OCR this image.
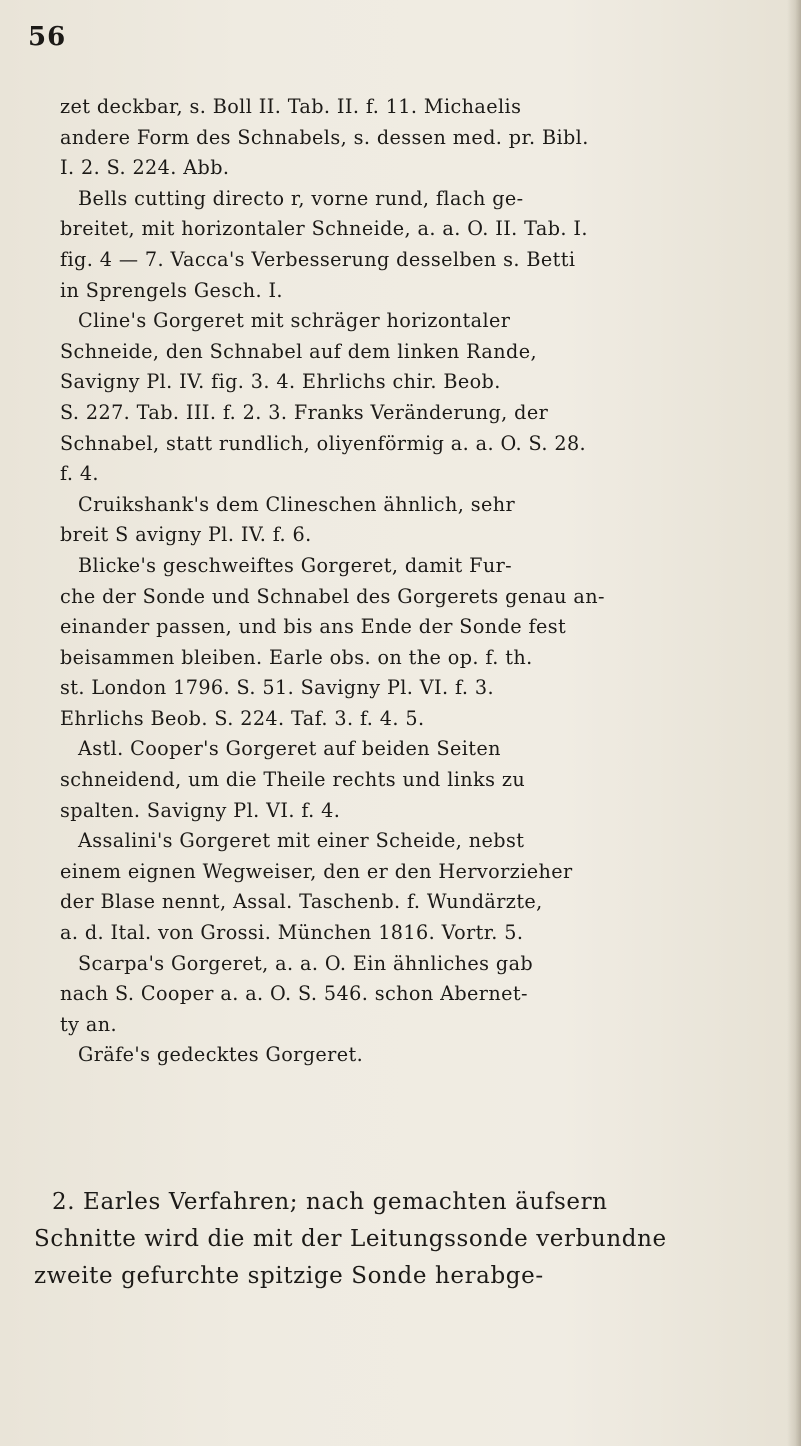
56
zet deckbar, s. Boll II. Tab. II. f. 11. Michaelis
andere Form des Schnabels, s. dessen med. pr. Bibl.
I. 2. S. 224. Abb.
Bells cutting directo r, vorne rund, flach ge-
breitet, mit horizontaler Schneide, a. a. O. II. Tab. I.
fig. 4 — 7. Vacca's Verbesserung desselben s. Betti
in Sprengels Gesch. I.
Cline's Gorgeret mit schräger horizontaler
Schneide, den Schnabel auf dem linken Rande,
Savigny Pl. IV. fig. 3. 4. Ehrlichs chir. Beob.
S. 227. Tab. III. f. 2. 3. Franks Veränderung, der
Schnabel, statt rundlich, oliyenförmig a. a. O. S. 28.
f. 4.
Cruikshank's dem Clineschen ähnlich, sehr
breit S avigny Pl. IV. f. 6.
Blicke's geschweiftes Gorgeret, damit Fur-
che der Sonde und Schnabel des Gorgerets genau an-
einander passen, und bis ans Ende der Sonde fest
beisammen bleiben. Earle obs. on the op. f. th.
st. London 1796. S. 51. Savigny Pl. VI. f. 3.
Ehrlichs Beob. S. 224. Taf. 3. f. 4. 5.
Astl. Cooper's Gorgeret auf beiden Seiten
schneidend, um die Theile rechts und links zu
spalten. Savigny Pl. VI. f. 4.
Assalini's Gorgeret mit einer Scheide, nebst
einem eignen Wegweiser, den er den Hervorzieher
der Blase nennt, Assal. Taschenb. f. Wundärzte,
a. d. Ital. von Grossi. München 1816. Vortr. 5.
Scarpa's Gorgeret, a. a. O. Ein ähnliches gab
nach S. Cooper a. a. O. S. 546. schon Abernet-
ty an.
Gräfe's gedecktes Gorgeret.
2. Earles Verfahren; nach gemachten äufsern
Schnitte wird die mit der Leitungssonde verbundne
zweite gefurchte spitzige Sonde herabge-
